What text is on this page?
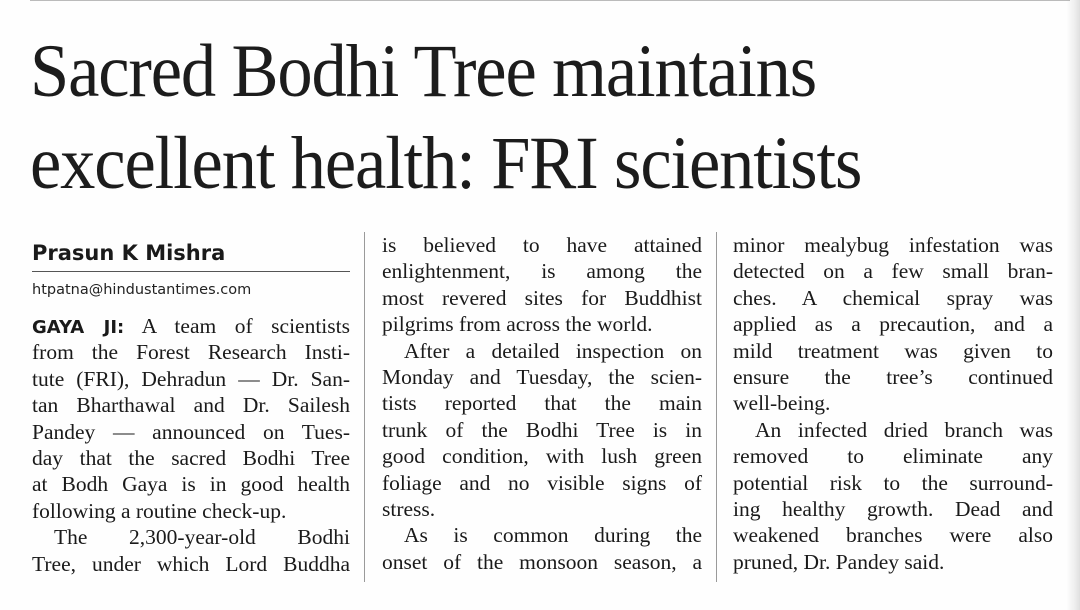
Sacred Bodhi Tree maintains
excellent health: FRI scientists

Prasun K Mishra

htpatna@hindustantimes.com

GAYA JI: A team of scientists
from the Forest Research Insti-
tute (FRI), Dehradun — Dr. San-
tan Bharthawal and Dr. Sailesh
Pandey — announced on Tues-
day that the sacred Bodhi Tree
at Bodh Gaya is in good health
following a routine check-up.
The 2,300-year-old Bodhi
Tree, under which Lord Buddha
is believed to have attained
enlightenment, is among the
most revered sites for Buddhist
pilgrims from across the world.
After a detailed inspection on
Monday and Tuesday, the scien-
tists reported that the main
trunk of the Bodhi Tree is in
good condition, with lush green
foliage and no visible signs of
stress.
As is common during the
onset of the monsoon season, a
minor mealybug infestation was
detected on a few small bran-
ches. A chemical spray was
applied as a precaution, and a
mild treatment was given to
ensure the tree’s continued
well-being.
An infected dried branch was
removed to eliminate any
potential risk to the surround-
ing healthy growth. Dead and
weakened branches were also
pruned, Dr. Pandey said.
